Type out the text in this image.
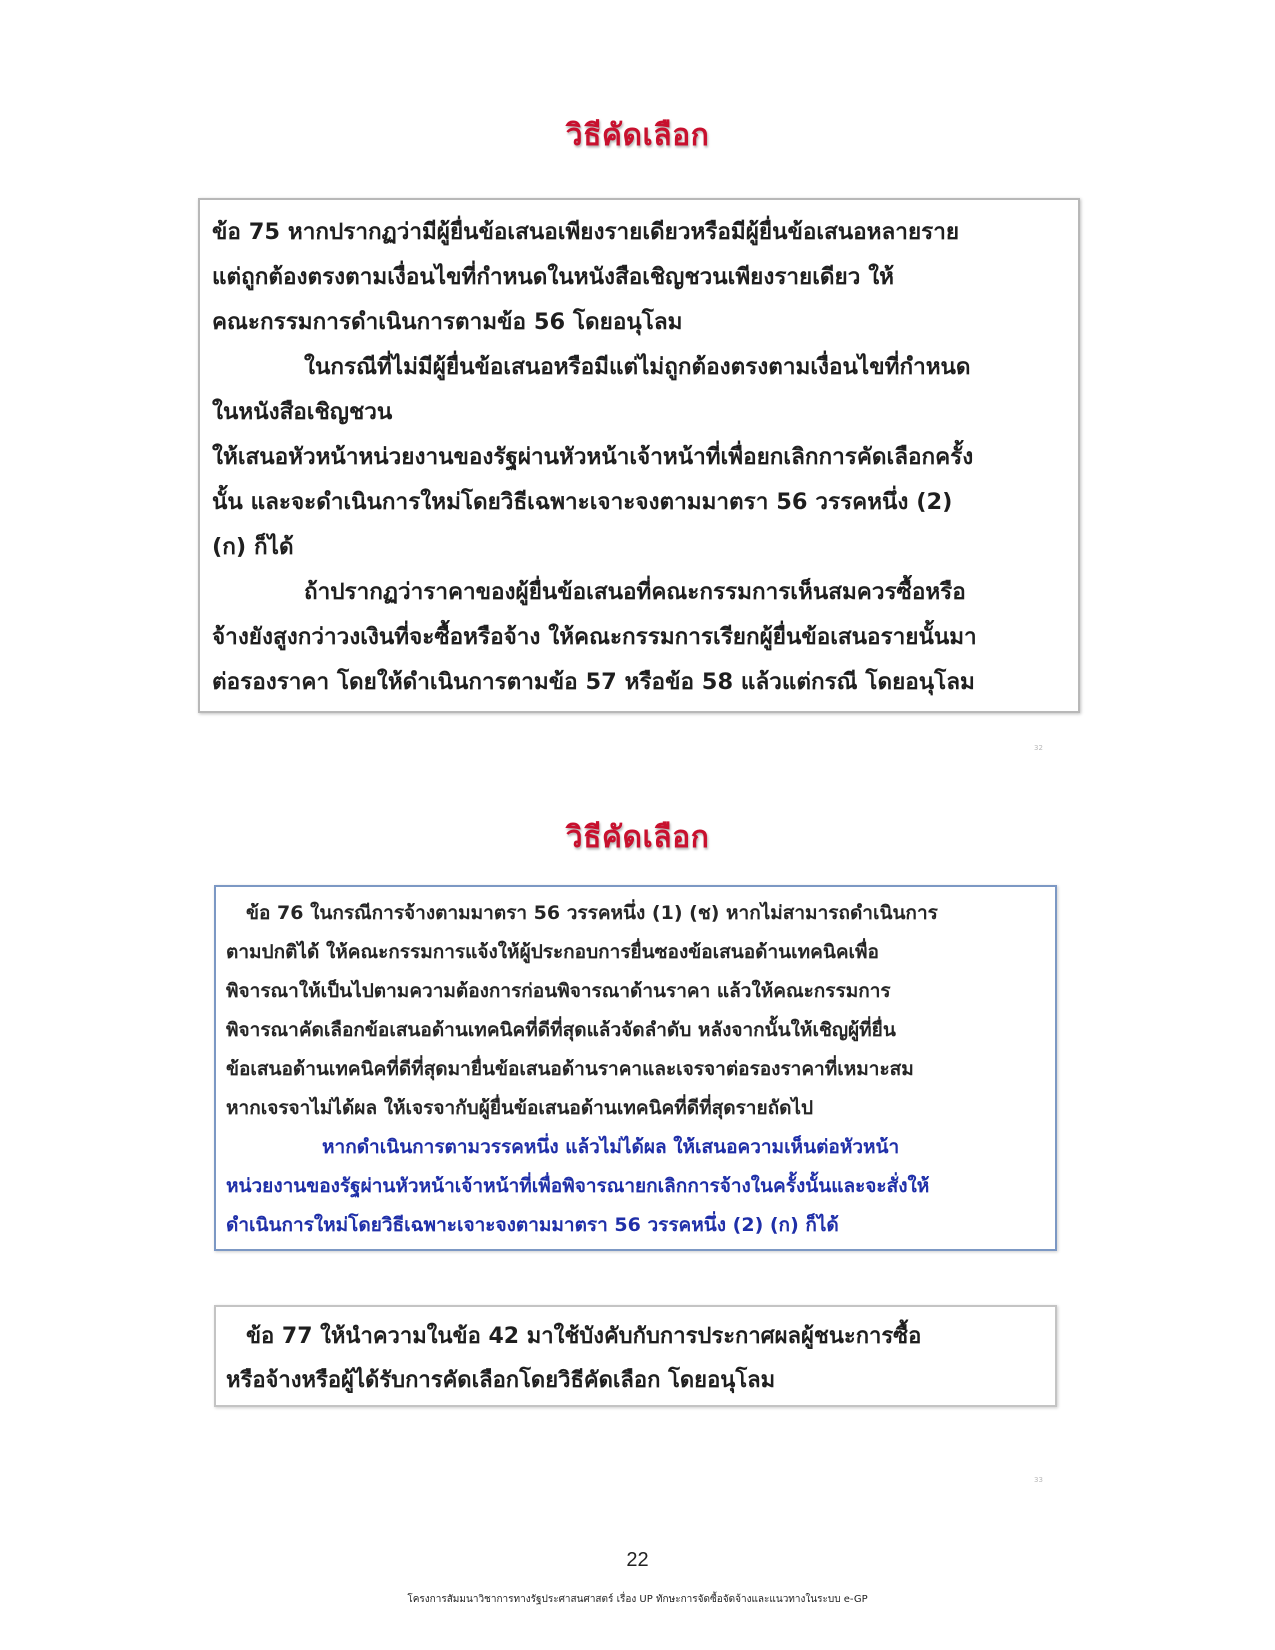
วิธีคัดเลือก

ข้อ 75 หากปรากฏว่ามีผู้ยื่นข้อเสนอเพียงรายเดียวหรือมีผู้ยื่นข้อเสนอหลายราย

แต่ถูกต้องตรงตามเงื่อนไขที่กำหนดในหนังสือเชิญชวนเพียงรายเดียว ให้

คณะกรรมการดำเนินการตามข้อ 56 โดยอนุโลม

ในกรณีที่ไม่มีผู้ยื่นข้อเสนอหรือมีแต่ไม่ถูกต้องตรงตามเงื่อนไขที่กำหนด

ในหนังสือเชิญชวน

ให้เสนอหัวหน้าหน่วยงานของรัฐผ่านหัวหน้าเจ้าหน้าที่เพื่อยกเลิกการคัดเลือกครั้ง

นั้น และจะดำเนินการใหม่โดยวิธีเฉพาะเจาะจงตามมาตรา 56 วรรคหนึ่ง (2)

(ก) ก็ได้

ถ้าปรากฏว่าราคาของผู้ยื่นข้อเสนอที่คณะกรรมการเห็นสมควรซื้อหรือ

จ้างยังสูงกว่าวงเงินที่จะซื้อหรือจ้าง ให้คณะกรรมการเรียกผู้ยื่นข้อเสนอรายนั้นมา

ต่อรองราคา โดยให้ดำเนินการตามข้อ 57 หรือข้อ 58 แล้วแต่กรณี โดยอนุโลม

32
วิธีคัดเลือก

ข้อ 76 ในกรณีการจ้างตามมาตรา 56 วรรคหนึ่ง (1) (ช) หากไม่สามารถดำเนินการ

ตามปกติได้ ให้คณะกรรมการแจ้งให้ผู้ประกอบการยื่นซองข้อเสนอด้านเทคนิคเพื่อ

พิจารณาให้เป็นไปตามความต้องการก่อนพิจารณาด้านราคา แล้วให้คณะกรรมการ

พิจารณาคัดเลือกข้อเสนอด้านเทคนิคที่ดีที่สุดแล้วจัดลำดับ หลังจากนั้นให้เชิญผู้ที่ยื่น

ข้อเสนอด้านเทคนิคที่ดีที่สุดมายื่นข้อเสนอด้านราคาและเจรจาต่อรองราคาที่เหมาะสม

หากเจรจาไม่ได้ผล ให้เจรจากับผู้ยื่นข้อเสนอด้านเทคนิคที่ดีที่สุดรายถัดไป

หากดำเนินการตามวรรคหนึ่ง แล้วไม่ได้ผล ให้เสนอความเห็นต่อหัวหน้า

หน่วยงานของรัฐผ่านหัวหน้าเจ้าหน้าที่เพื่อพิจารณายกเลิกการจ้างในครั้งนั้นและจะสั่งให้

ดำเนินการใหม่โดยวิธีเฉพาะเจาะจงตามมาตรา 56 วรรคหนึ่ง (2) (ก) ก็ได้

ข้อ 77 ให้นำความในข้อ 42 มาใช้บังคับกับการประกาศผลผู้ชนะการซื้อ

หรือจ้างหรือผู้ได้รับการคัดเลือกโดยวิธีคัดเลือก โดยอนุโลม

33
22
โครงการสัมมนาวิชาการทางรัฐประศาสนศาสตร์ เรื่อง UP ทักษะการจัดซื้อจัดจ้างและแนวทางในระบบ e-GP
